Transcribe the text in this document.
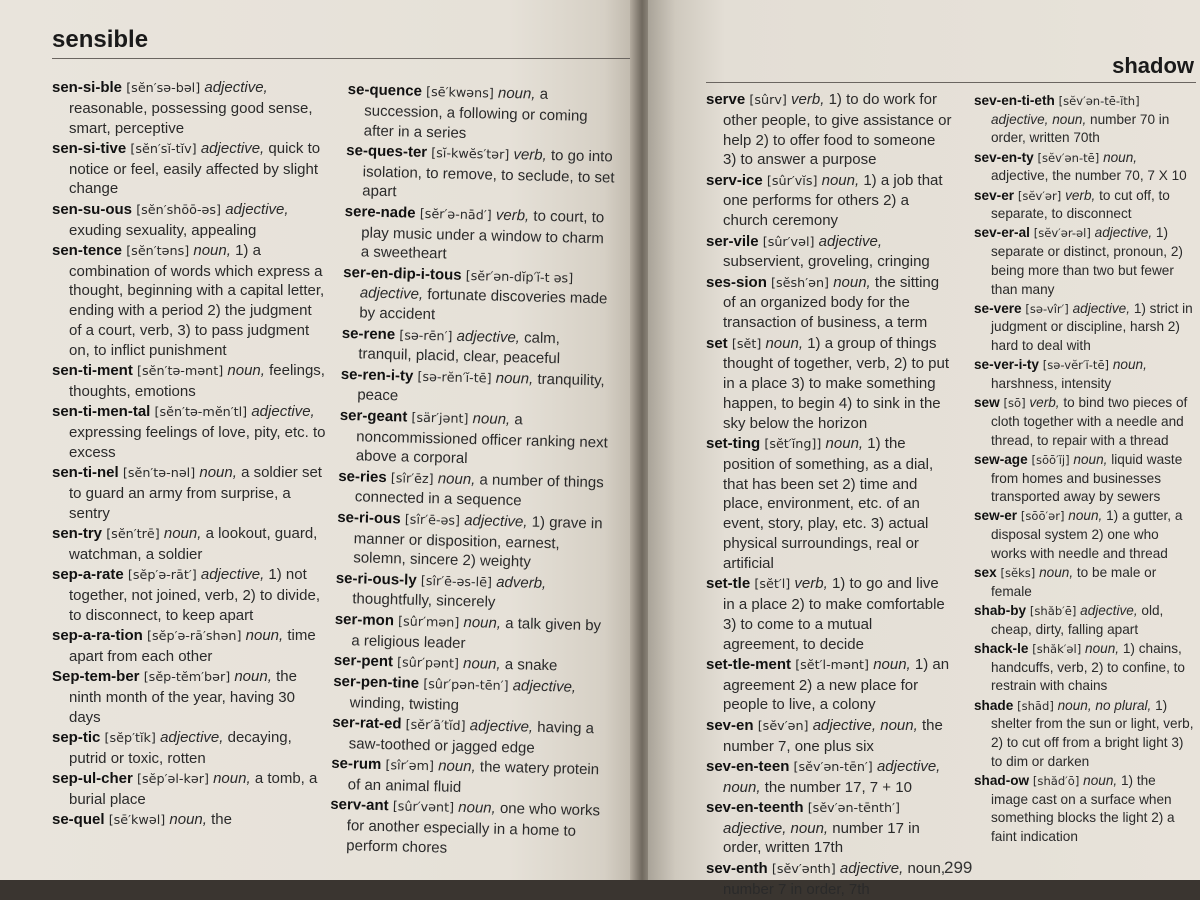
sensible
sen-si-ble [sĕn′sə-bəl] adjective, reasonable, possessing good sense, smart, perceptive
sen-si-tive [sĕn′sĭ-tĭv] adjective, quick to notice or feel, easily affected by slight change
sen-su-ous [sĕn′shōō-əs] adjective, exuding sexuality, appealing
sen-tence [sĕn′təns] noun, 1) a combination of words which express a thought, beginning with a capital letter, ending with a period 2) the judgment of a court, verb, 3) to pass judgment on, to inflict punishment
sen-ti-ment [sĕn′tə-mənt] noun, feelings, thoughts, emotions
sen-ti-men-tal [sĕn′tə-mĕn′tl] adjective, expressing feelings of love, pity, etc. to excess
sen-ti-nel [sĕn′tə-nəl] noun, a soldier set to guard an army from surprise, a sentry
sen-try [sĕn′trē] noun, a lookout, guard, watchman, a soldier
sep-a-rate [sĕp′ə-rāt′] adjective, 1) not together, not joined, verb, 2) to divide, to disconnect, to keep apart
sep-a-ra-tion [sĕp′ə-rā′shən] noun, time apart from each other
Sep-tem-ber [sĕp-tĕm′bər] noun, the ninth month of the year, having 30 days
sep-tic [sĕp′tĭk] adjective, decaying, putrid or toxic, rotten
sep-ul-cher [sĕp′əl-kər] noun, a tomb, a burial place
se-quel [sē′kwəl] noun, the
se-quence [sē′kwəns] noun, a succession, a following or coming after in a series
se-ques-ter [sĭ-kwĕs′tər] verb, to go into isolation, to remove, to seclude, to set apart
sere-nade [sĕr′ə-nād′] verb, to court, to play music under a window to charm a sweetheart
ser-en-dip-i-tous [sĕr′ən-dĭp′ĭ-t əs] adjective, fortunate discoveries made by accident
se-rene [sə-rēn′] adjective, calm, tranquil, placid, clear, peaceful
se-ren-i-ty [sə-rĕn′ĭ-tē] noun, tranquility, peace
ser-geant [sär′jənt] noun, a noncommissioned officer ranking next above a corporal
se-ries [sîr′ēz] noun, a number of things connected in a sequence
se-ri-ous [sîr′ē-əs] adjective, 1) grave in manner or disposition, earnest, solemn, sincere 2) weighty
se-ri-ous-ly [sîr′ē-əs-lē] adverb, thoughtfully, sincerely
ser-mon [sûr′mən] noun, a talk given by a religious leader
ser-pent [sûr′pənt] noun, a snake
ser-pen-tine [sûr′pən-tēn′] adjective, winding, twisting
ser-rat-ed [sĕr′ā′tĭd] adjective, having a saw-toothed or jagged edge
se-rum [sîr′əm] noun, the watery protein of an animal fluid
serv-ant [sûr′vənt] noun, one who works for another especially in a home to perform chores
shadow
serve [sûrv] verb, 1) to do work for other people, to give assistance or help 2) to offer food to someone 3) to answer a purpose
serv-ice [sûr′vĭs] noun, 1) a job that one performs for others 2) a church ceremony
ser-vile [sûr′vəl] adjective, subservient, groveling, cringing
ses-sion [sĕsh′ən] noun, the sitting of an organized body for the transaction of business, a term
set [sĕt] noun, 1) a group of things thought of together, verb, 2) to put in a place 3) to make something happen, to begin 4) to sink in the sky below the horizon
set-ting [sĕt′ĭng]] noun, 1) the position of something, as a dial, that has been set 2) time and place, environment, etc. of an event, story, play, etc. 3) actual physical surroundings, real or artificial
set-tle [sĕt′l] verb, 1) to go and live in a place 2) to make comfortable 3) to come to a mutual agreement, to decide
set-tle-ment [sĕt′l-mənt] noun, 1) an agreement 2) a new place for people to live, a colony
sev-en [sĕv′ən] adjective, noun, the number 7, one plus six
sev-en-teen [sĕv′ən-tēn′] adjective, noun, the number 17, 7 + 10
sev-en-teenth [sĕv′ən-tēnth′] adjective, noun, number 17 in order, written 17th
sev-enth [sĕv′ənth] adjective, noun, number 7 in order, 7th
sev-en-ti-eth [sĕv′ən-tē-ĭth] adjective, noun, number 70 in order, written 70th
sev-en-ty [sĕv′ən-tē] noun, adjective, the number 70, 7 X 10
sev-er [sĕv′ər] verb, to cut off, to separate, to disconnect
sev-er-al [sĕv′ər-əl] adjective, 1) separate or distinct, pronoun, 2) being more than two but fewer than many
se-vere [sə-vîr′] adjective, 1) strict in judgment or discipline, harsh 2) hard to deal with
se-ver-i-ty [sə-vĕr′ĭ-tē] noun, harshness, intensity
sew [sō] verb, to bind two pieces of cloth together with a needle and thread, to repair with a thread
sew-age [sōō′ĭj] noun, liquid waste from homes and businesses transported away by sewers
sew-er [sōō′ər] noun, 1) a gutter, a disposal system 2) one who works with needle and thread
sex [sĕks] noun, to be male or female
shab-by [shăb′ē] adjective, old, cheap, dirty, falling apart
shack-le [shăk′əl] noun, 1) chains, handcuffs, verb, 2) to confine, to restrain with chains
shade [shād] noun, no plural, 1) shelter from the sun or light, verb, 2) to cut off from a bright light 3) to dim or darken
shad-ow [shăd′ō] noun, 1) the image cast on a surface when something blocks the light 2) a faint indication
299
